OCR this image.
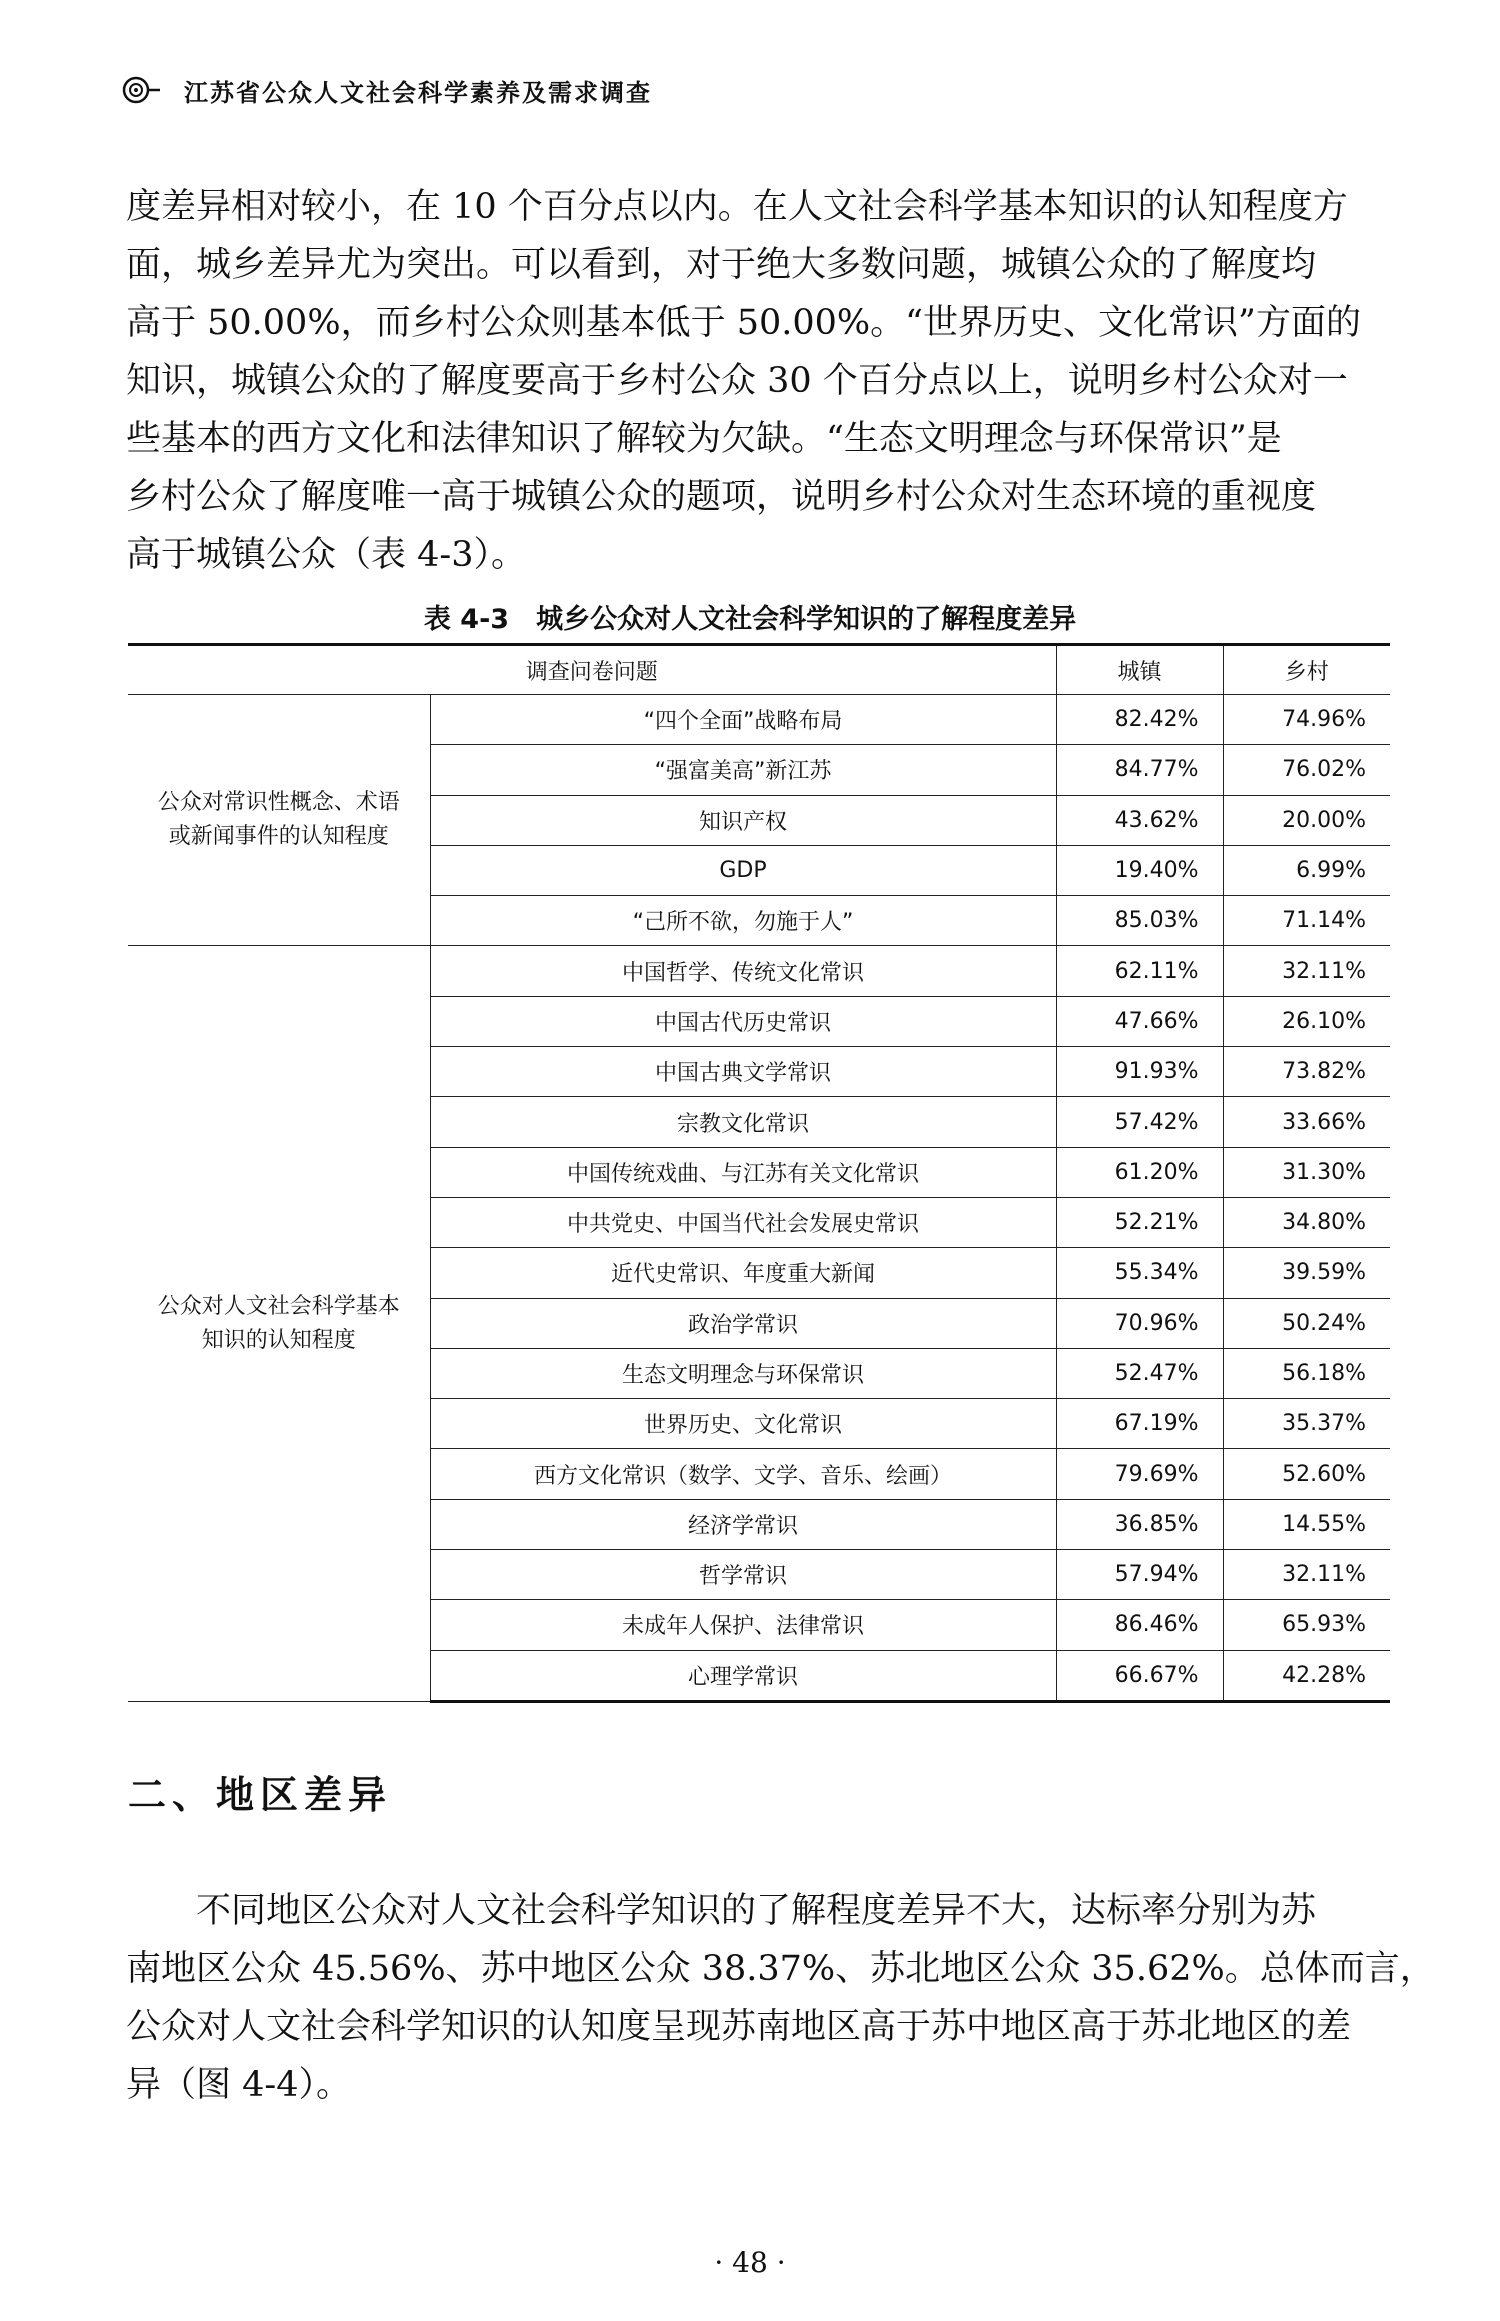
江苏省公众人文社会科学素养及需求调查

度差异相对较小，在 10 个百分点以内。在人文社会科学基本知识的认知程度方
面，城乡差异尤为突出。可以看到，对于绝大多数问题，城镇公众的了解度均
高于 50.00%，而乡村公众则基本低于 50.00%。“世界历史、文化常识”方面的
知识，城镇公众的了解度要高于乡村公众 30 个百分点以上，说明乡村公众对一
些基本的西方文化和法律知识了解较为欠缺。“生态文明理念与环保常识”是
乡村公众了解度唯一高于城镇公众的题项，说明乡村公众对生态环境的重视度
高于城镇公众（表 4-3）。

表 4-3　城乡公众对人文社会科学知识的了解程度差异
调查问卷问题		城镇	乡村
公众对常识性概念、术语
或新闻事件的认知程度	“四个全面”战略布局	82.42%	74.96%
	“强富美高”新江苏	84.77%	76.02%
	知识产权	43.62%	20.00%
	GDP	19.40%	6.99%
	“己所不欲，勿施于人”	85.03%	71.14%
公众对人文社会科学基本
知识的认知程度	中国哲学、传统文化常识	62.11%	32.11%
	中国古代历史常识	47.66%	26.10%
	中国古典文学常识	91.93%	73.82%
	宗教文化常识	57.42%	33.66%
	中国传统戏曲、与江苏有关文化常识	61.20%	31.30%
	中共党史、中国当代社会发展史常识	52.21%	34.80%
	近代史常识、年度重大新闻	55.34%	39.59%
	政治学常识	70.96%	50.24%
	生态文明理念与环保常识	52.47%	56.18%
	世界历史、文化常识	67.19%	35.37%
	西方文化常识（数学、文学、音乐、绘画）	79.69%	52.60%
	经济学常识	36.85%	14.55%
	哲学常识	57.94%	32.11%
	未成年人保护、法律常识	86.46%	65.93%
	心理学常识	66.67%	42.28%
二、地区差异

　　不同地区公众对人文社会科学知识的了解程度差异不大，达标率分别为苏
南地区公众 45.56%、苏中地区公众 38.37%、苏北地区公众 35.62%。总体而言，
公众对人文社会科学知识的认知度呈现苏南地区高于苏中地区高于苏北地区的差
异（图 4-4）。

· 48 ·
